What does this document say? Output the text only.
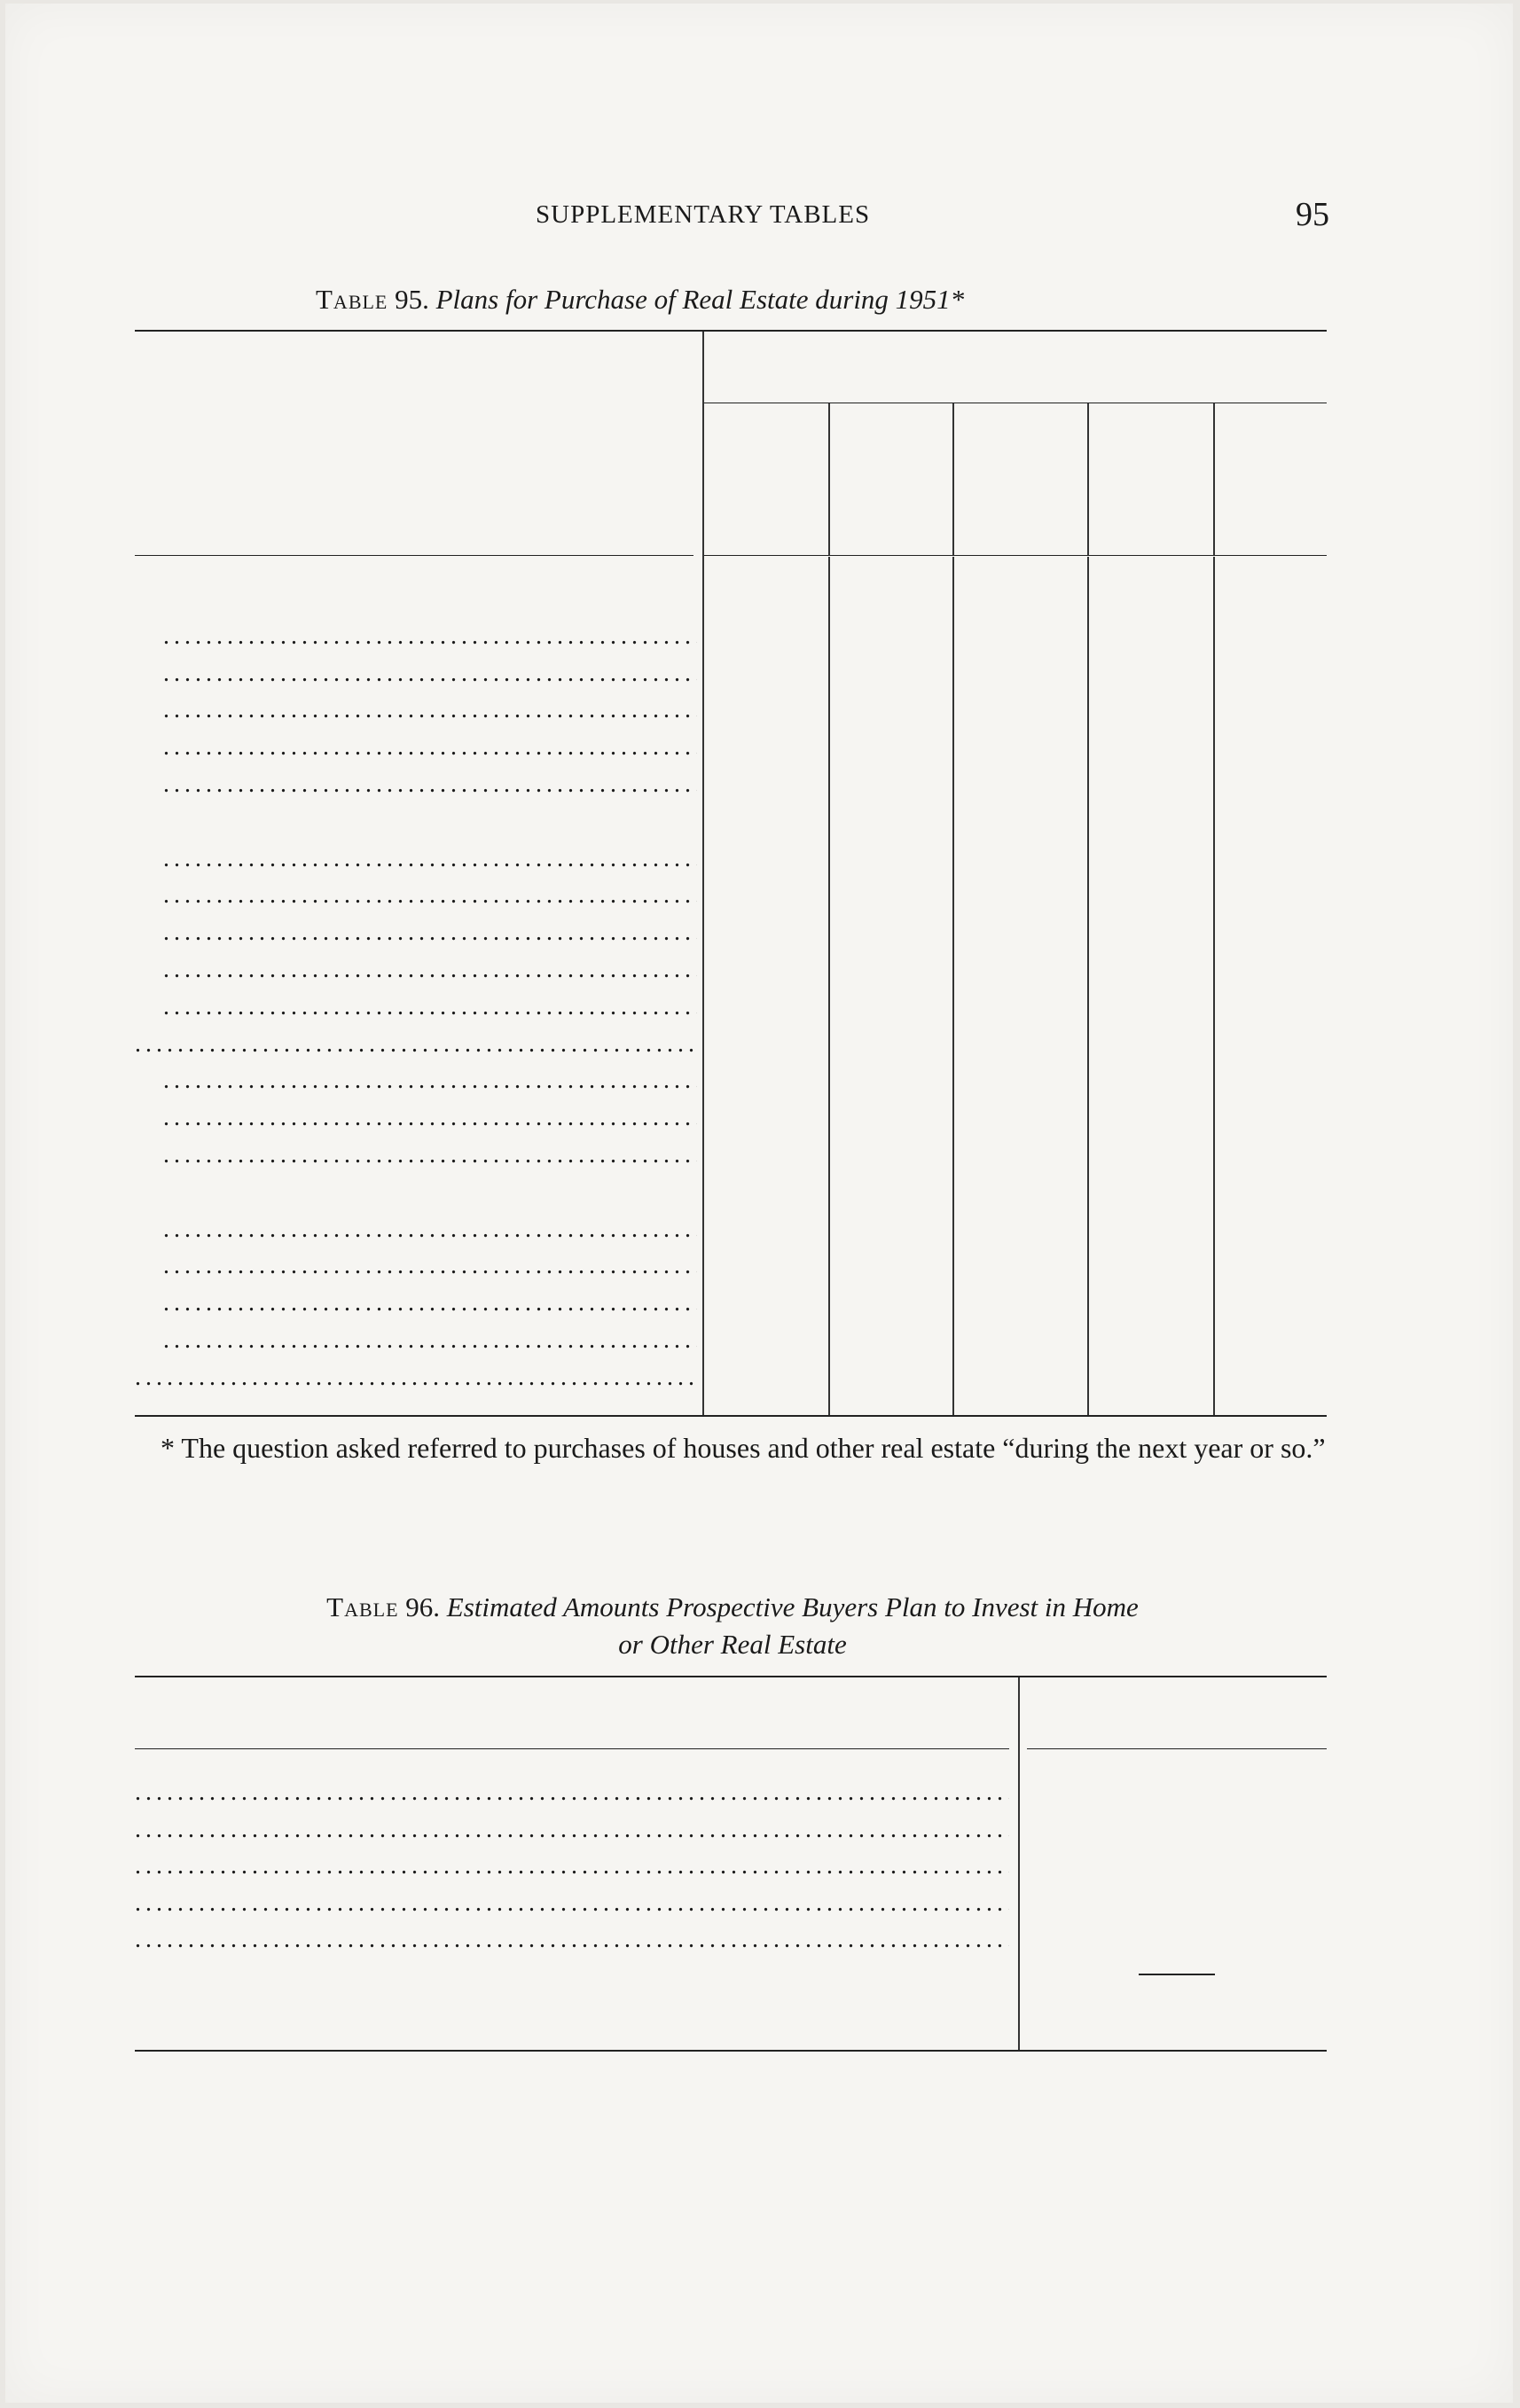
SUPPLEMENTARY TABLES	95
Table 95. Plans for Purchase of Real Estate during 1951*
. . .
. . .
. . .
. . .
. . .
. . .
. . .
. . .
. . .
. . .
. . .
. . .
. . .
. . .
. . .
. . .
. . .
. . .
. . .
* The question asked referred to purchases of houses and other real estate “during the next year or so.”
Table 96. Estimated Amounts Prospective Buyers Plan to Invest in Home
or Other Real Estate
. . .
. . .
. . .
. . .
. . .
